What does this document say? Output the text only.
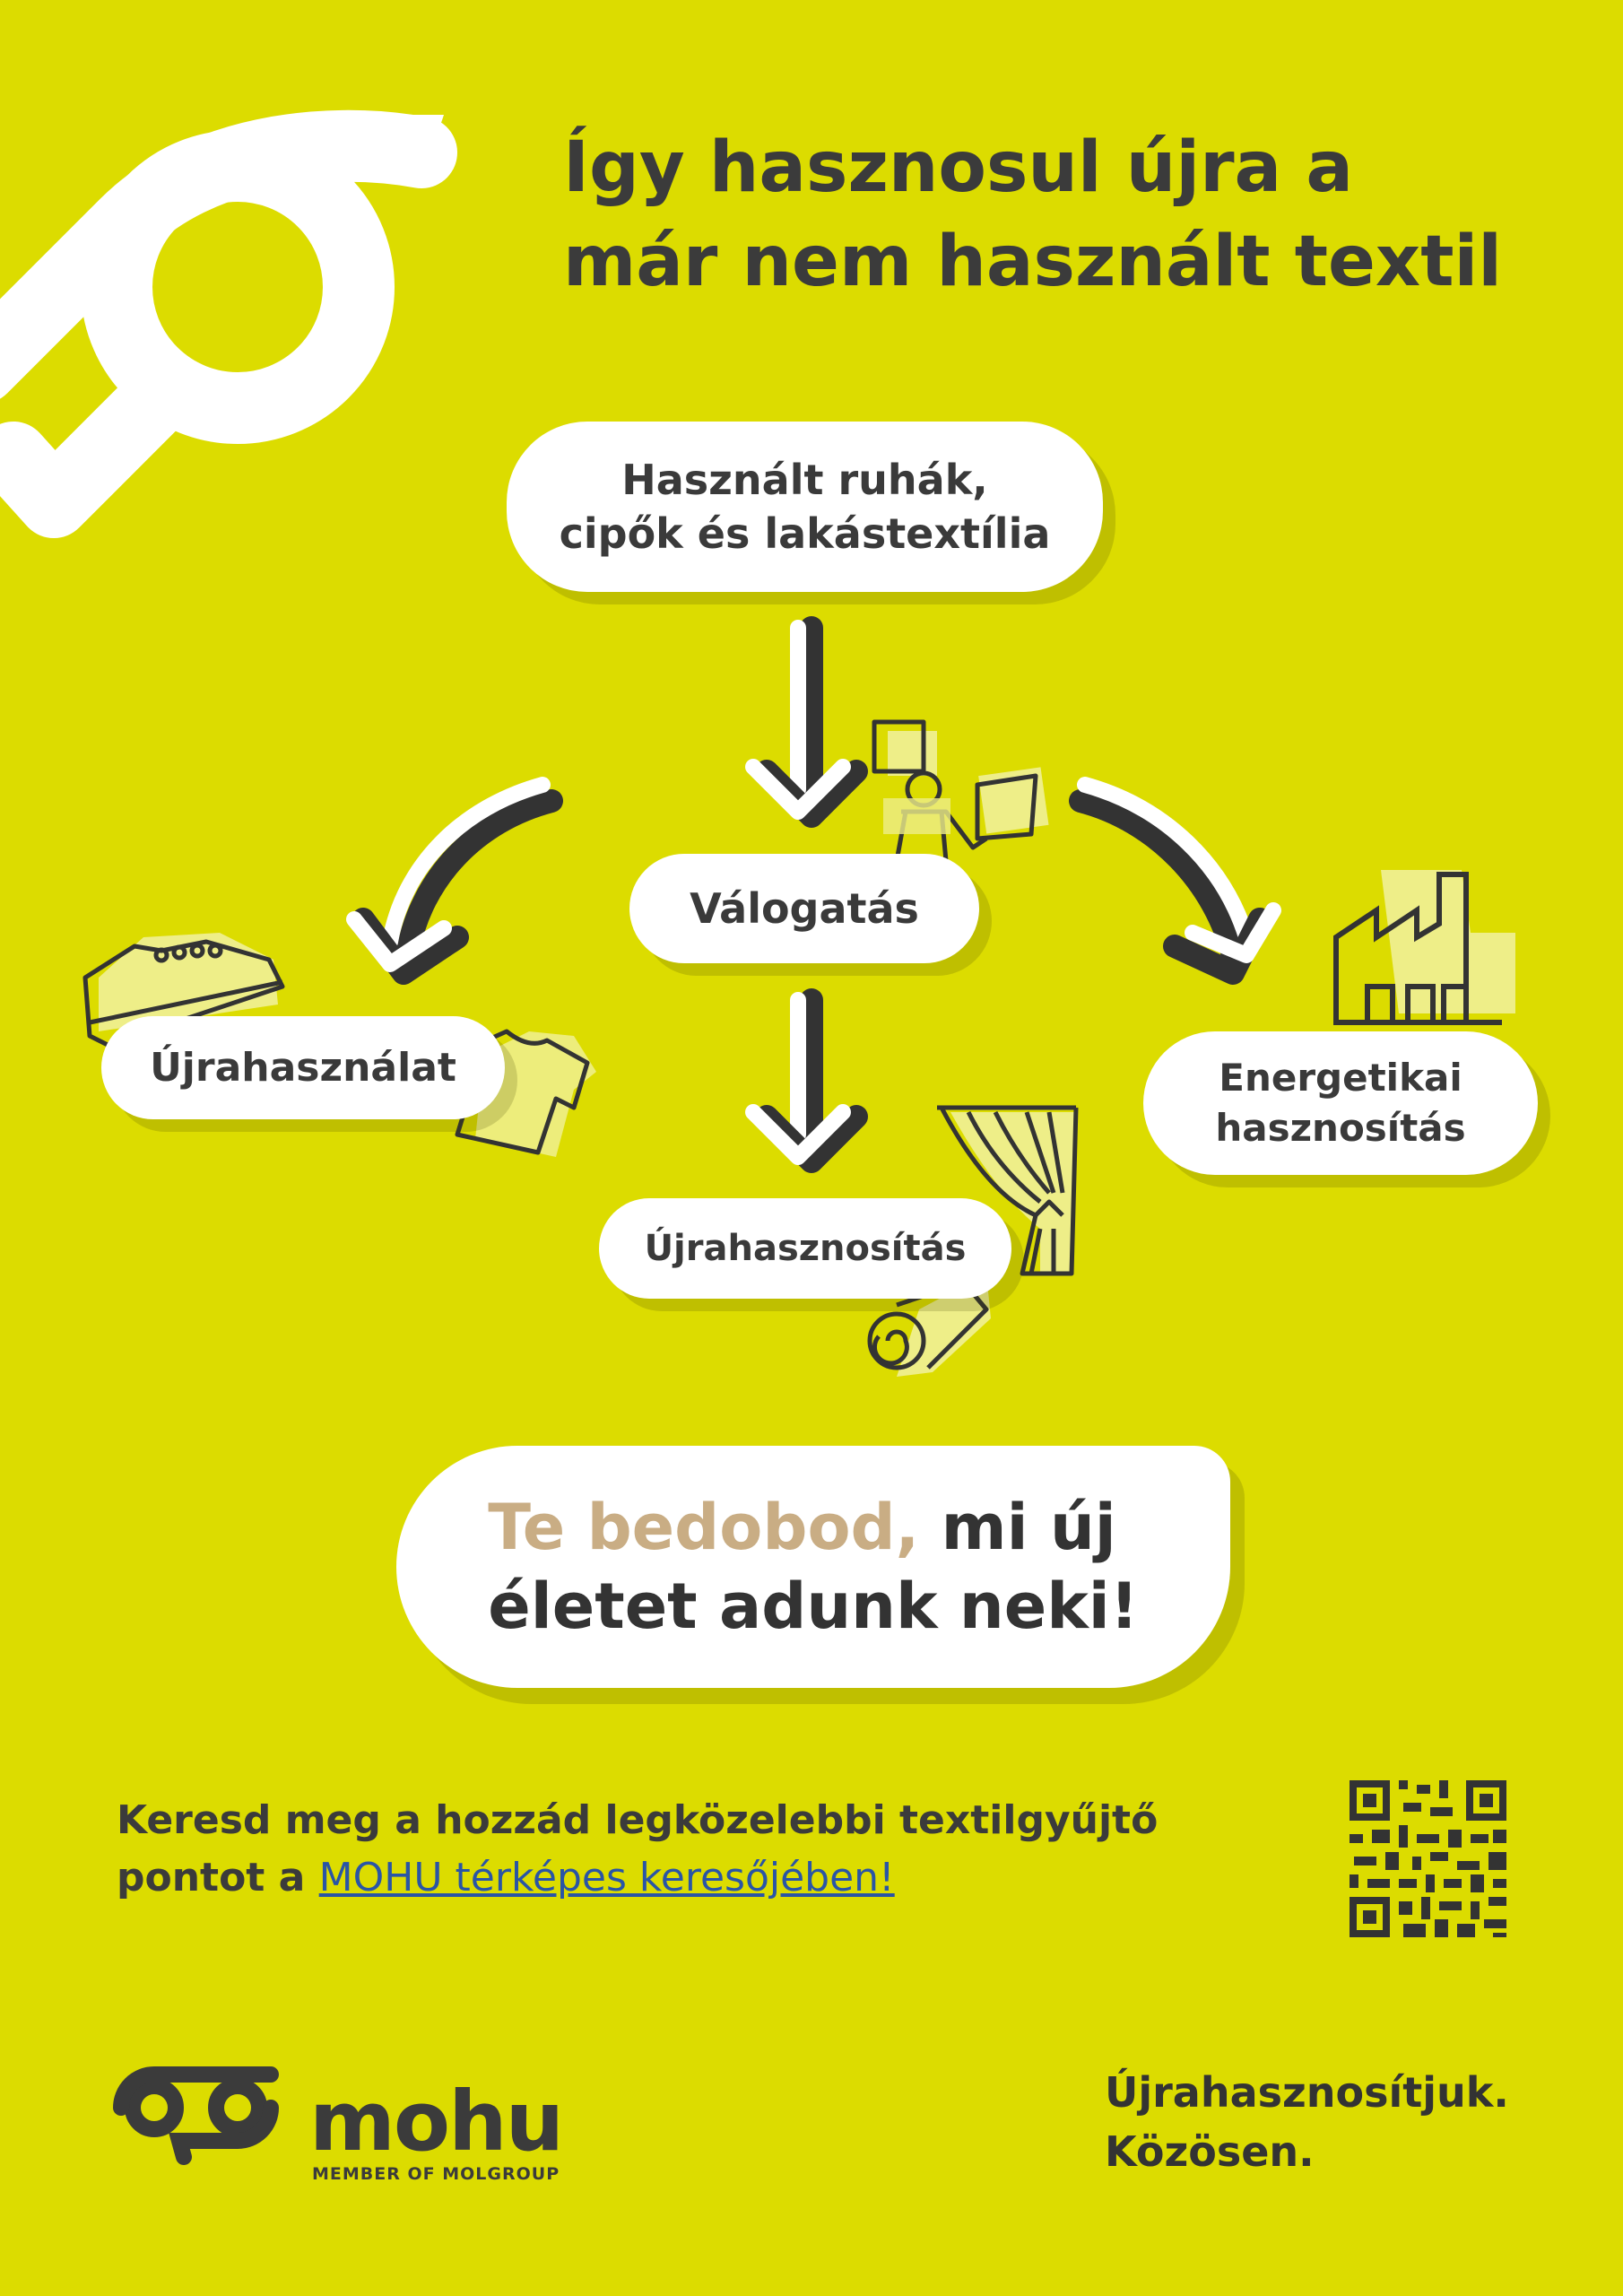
Így hasznosul újra a már nem használt textil
Használt ruhák,
cipők és lakástextília
Válogatás
Újrahasználat
Újrahasznosítás
Energetikai
hasznosítás
Te bedobod, mi új
életet adunk neki!
Keresd meg a hozzád legközelebbi textilgyűjtő pontot a MOHU térképes keresőjében!
mohu
MEMBER OF MOLGROUP
Újrahasznosítjuk.
Közösen.
